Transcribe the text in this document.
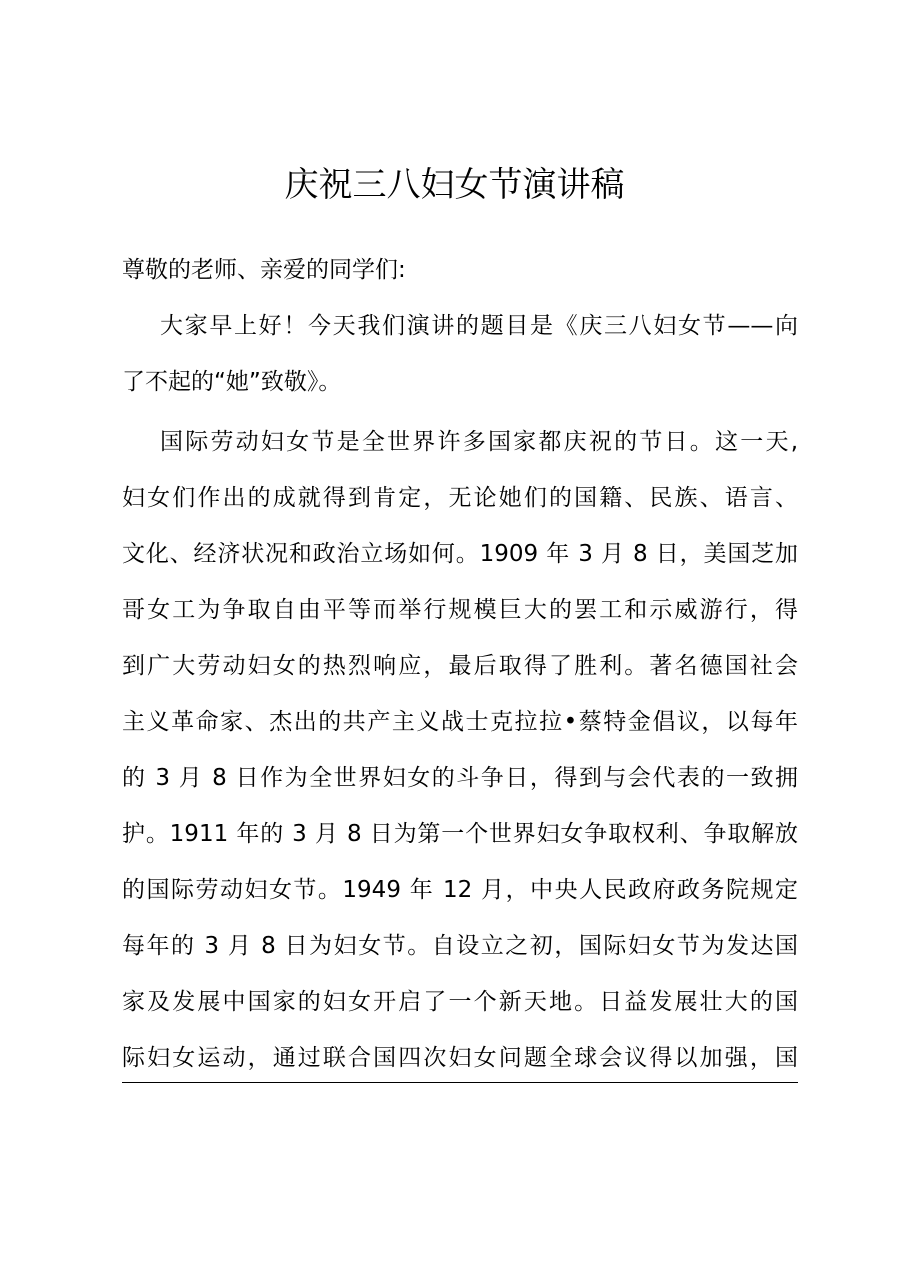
庆祝三八妇女节演讲稿

尊敬的老师、亲爱的同学们:

大家早上好！今天我们演讲的题目是《庆三八妇女节——向

了不起的“她”致敬》。

国际劳动妇女节是全世界许多国家都庆祝的节日。这一天,

妇女们作出的成就得到肯定，无论她们的国籍、民族、语言、

文化、经济状况和政治立场如何。1909 年 3 月 8 日，美国芝加

哥女工为争取自由平等而举行规模巨大的罢工和示威游行，得

到广大劳动妇女的热烈响应，最后取得了胜利。著名德国社会

主义革命家、杰出的共产主义战士克拉拉•蔡特金倡议，以每年

的 3 月 8 日作为全世界妇女的斗争日，得到与会代表的一致拥

护。1911 年的 3 月 8 日为第一个世界妇女争取权利、争取解放

的国际劳动妇女节。1949 年 12 月，中央人民政府政务院规定

每年的 3 月 8 日为妇女节。自设立之初，国际妇女节为发达国

家及发展中国家的妇女开启了一个新天地。日益发展壮大的国

际妇女运动，通过联合国四次妇女问题全球会议得以加强，国
